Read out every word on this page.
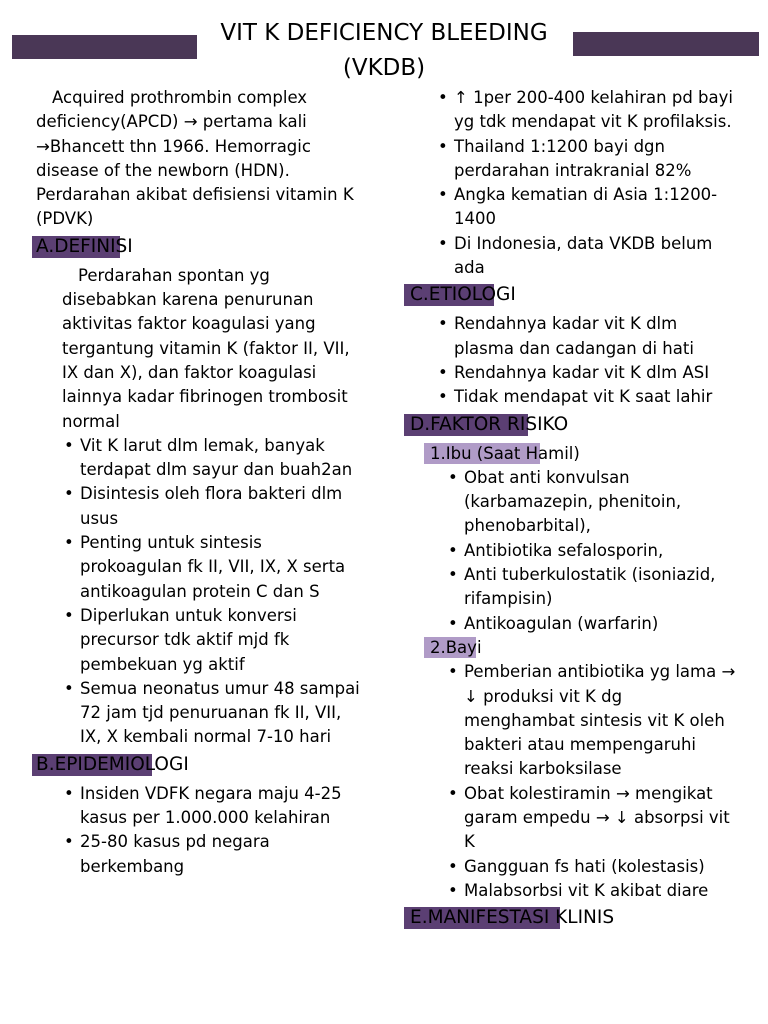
VIT K DEFICIENCY BLEEDING
(VKDB)

Acquired prothrombin complex deficiency(APCD) → pertama kali →Bhancett thn 1966. Hemorragic disease of the newborn (HDN). Perdarahan akibat defisiensi vitamin K (PDVK)

A.DEFINISI

Perdarahan spontan yg disebabkan karena penurunan aktivitas faktor koagulasi yang tergantung vitamin K (faktor II, VII, IX dan X), dan faktor koagulasi lainnya kadar fibrinogen trombosit normal

• Vit K larut dlm lemak, banyak terdapat dlm sayur dan buah2an
• Disintesis oleh flora bakteri dlm usus
• Penting untuk sintesis prokoagulan fk II, VII, IX, X serta antikoagulan protein C dan S
• Diperlukan untuk konversi precursor tdk aktif mjd fk pembekuan yg aktif
• Semua neonatus umur 48 sampai 72 jam tjd penuruanan fk II, VII, IX, X kembali normal 7-10 hari
B.EPIDEMIOLOGI
• Insiden VDFK negara maju 4-25 kasus per 1.000.000 kelahiran
• 25-80 kasus pd negara berkembang
• ↑ 1per 200-400 kelahiran pd bayi yg tdk mendapat vit K profilaksis.
• Thailand 1:1200 bayi dgn perdarahan intrakranial 82%
• Angka kematian di Asia 1:1200-1400
• Di Indonesia, data VKDB belum ada
C.ETIOLOGI
• Rendahnya kadar vit K dlm plasma dan cadangan di hati
• Rendahnya kadar vit K dlm ASI
• Tidak mendapat vit K saat lahir
D.FAKTOR RISIKO
1.Ibu (Saat Hamil)
• Obat anti konvulsan (karbamazepin, phenitoin, phenobarbital),
• Antibiotika sefalosporin,
• Anti tuberkulostatik (isoniazid, rifampisin)
• Antikoagulan (warfarin)
2.Bayi
• Pemberian antibiotika yg lama → ↓ produksi vit K dg menghambat sintesis vit K oleh bakteri atau mempengaruhi reaksi karboksilase
• Obat kolestiramin → mengikat garam empedu → ↓ absorpsi vit K
• Gangguan fs hati (kolestasis)
• Malabsorbsi vit K akibat diare
E.MANIFESTASI KLINIS
